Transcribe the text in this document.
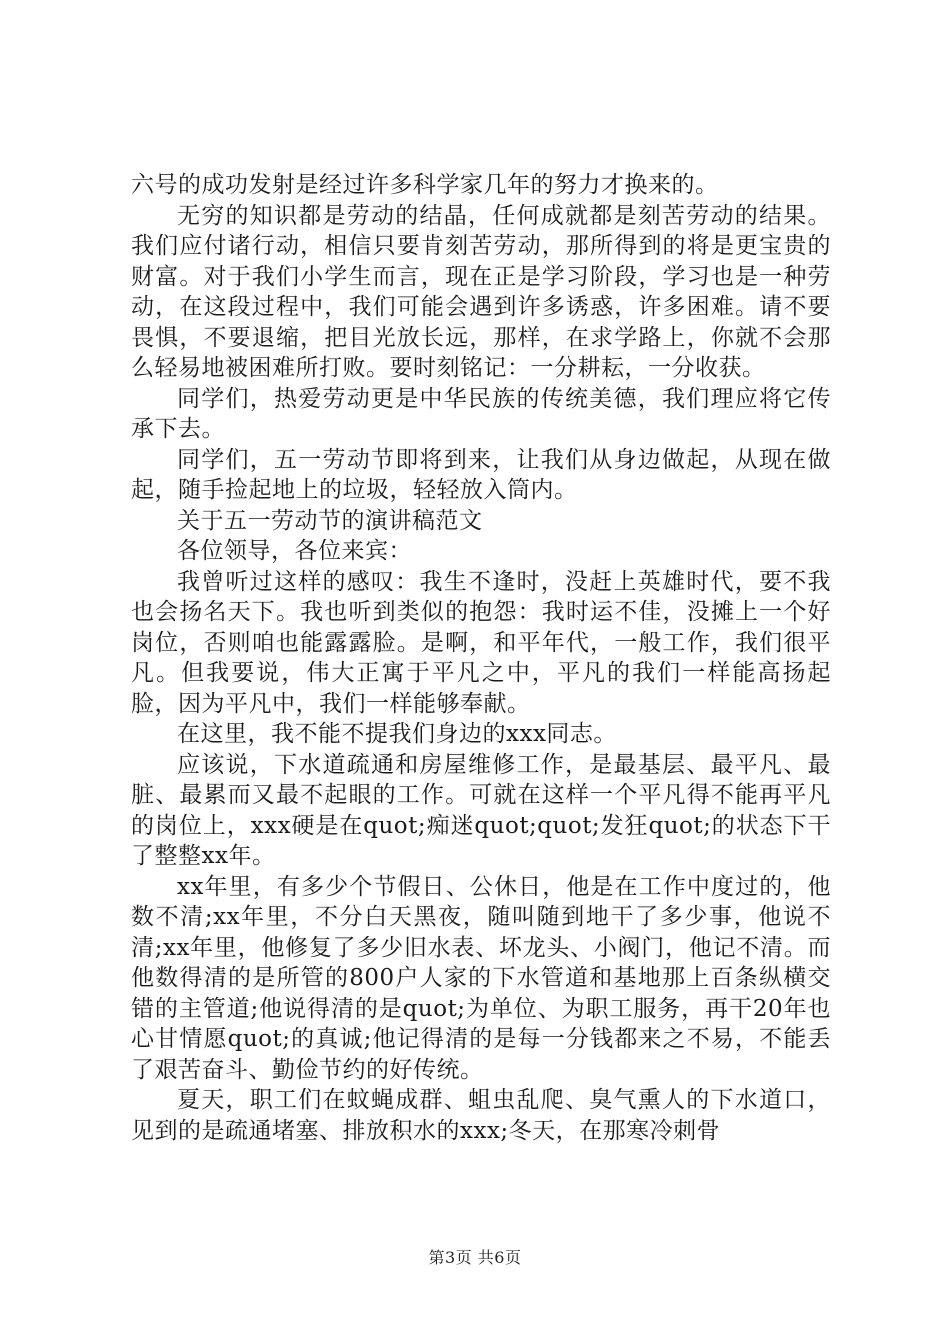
六号的成功发射是经过许多科学家几年的努力才换来的。

无穷的知识都是劳动的结晶，任何成就都是刻苦劳动的结果。我们应付诸行动，相信只要肯刻苦劳动，那所得到的将是更宝贵的财富。对于我们小学生而言，现在正是学习阶段，学习也是一种劳动，在这段过程中，我们可能会遇到许多诱惑，许多困难。请不要畏惧，不要退缩，把目光放长远，那样，在求学路上，你就不会那么轻易地被困难所打败。要时刻铭记：一分耕耘，一分收获。

同学们，热爱劳动更是中华民族的传统美德，我们理应将它传承下去。

同学们，五一劳动节即将到来，让我们从身边做起，从现在做起，随手捡起地上的垃圾，轻轻放入筒内。

关于五一劳动节的演讲稿范文

各位领导，各位来宾：

我曾听过这样的感叹：我生不逢时，没赶上英雄时代，要不我也会扬名天下。我也听到类似的抱怨：我时运不佳，没摊上一个好岗位，否则咱也能露露脸。是啊，和平年代，一般工作，我们很平凡。但我要说，伟大正寓于平凡之中，平凡的我们一样能高扬起脸，因为平凡中，我们一样能够奉献。

在这里，我不能不提我们身边的xxx同志。

应该说，下水道疏通和房屋维修工作，是最基层、最平凡、最脏、最累而又最不起眼的工作。可就在这样一个平凡得不能再平凡的岗位上，xxx硬是在quot;痴迷quot;quot;发狂quot;的状态下干了整整xx年。

xx年里，有多少个节假日、公休日，他是在工作中度过的，他数不清;xx年里，不分白天黑夜，随叫随到地干了多少事，他说不清;xx年里，他修复了多少旧水表、坏龙头、小阀门，他记不清。而他数得清的是所管的800户人家的下水管道和基地那上百条纵横交错的主管道;他说得清的是quot;为单位、为职工服务，再干20年也心甘情愿quot;的真诚;他记得清的是每一分钱都来之不易，不能丢了艰苦奋斗、勤俭节约的好传统。

夏天，职工们在蚊蝇成群、蛆虫乱爬、臭气熏人的下水道口，见到的是疏通堵塞、排放积水的xxx;冬天，在那寒冷刺骨

第3页 共6页
